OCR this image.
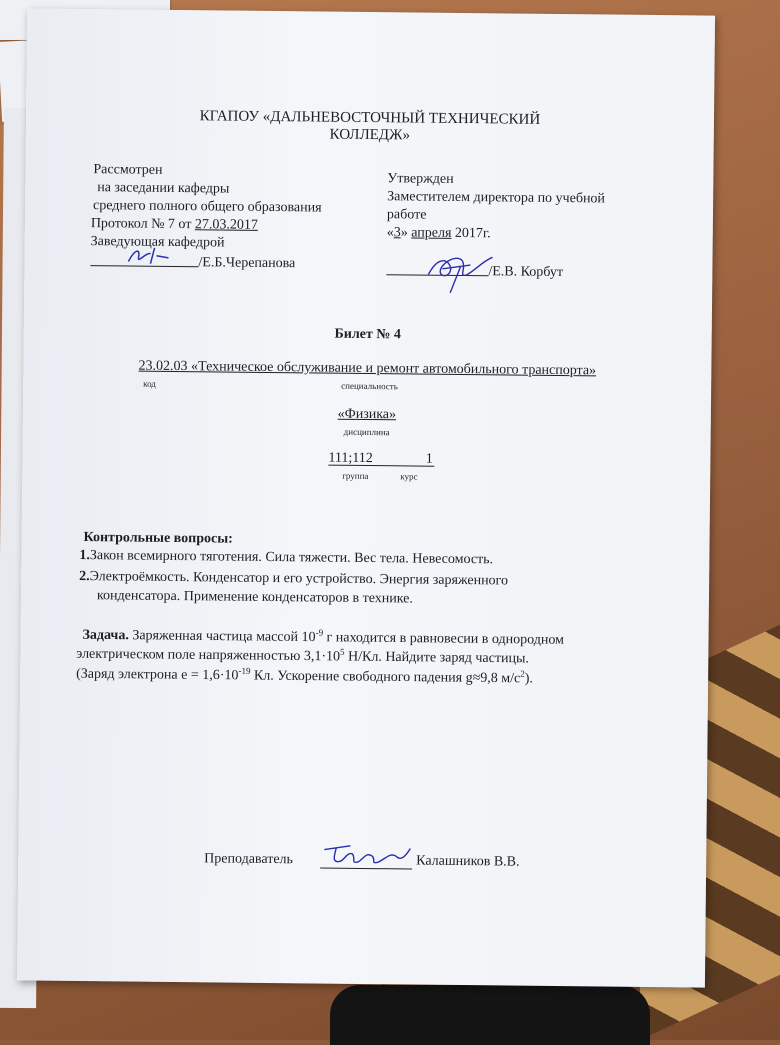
КГАПОУ «ДАЛЬНЕВОСТОЧНЫЙ ТЕХНИЧЕСКИЙ
КОЛЛЕДЖ»
Рассмотрен
на заседании кафедры
среднего полного общего образования
Протокол № 7 от 27.03.2017
Заведующая кафедрой
/Е.Б.Черепанова
Утвержден
Заместителем директора по учебной
работе
«3» апреля 2017г.
/Е.В. Корбут
Билет № 4
23.02.03 «Техническое обслуживание и ремонт автомобильного транспорта»
код	специальность
«Физика»
дисциплина
111;112	1
группа	курс
Контрольные вопросы:
1.Закон всемирного тяготения. Сила тяжести. Вес тела. Невесомость.
2.Электроёмкость. Конденсатор и его устройство. Энергия заряженного
конденсатора. Применение конденсаторов в технике.
Задача. Заряженная частица массой $10^{-9}$ г находится в равновесии в однородном
электрическом поле напряженностью $3,1\cdot 10^5$ Н/Кл. Найдите заряд частицы.
(Заряд электрона $е = 1,6\cdot 10^{-19}$ Кл. Ускорение свободного падения g≈9,8 $м/с^2$).
Преподаватель	Калашников В.В.
